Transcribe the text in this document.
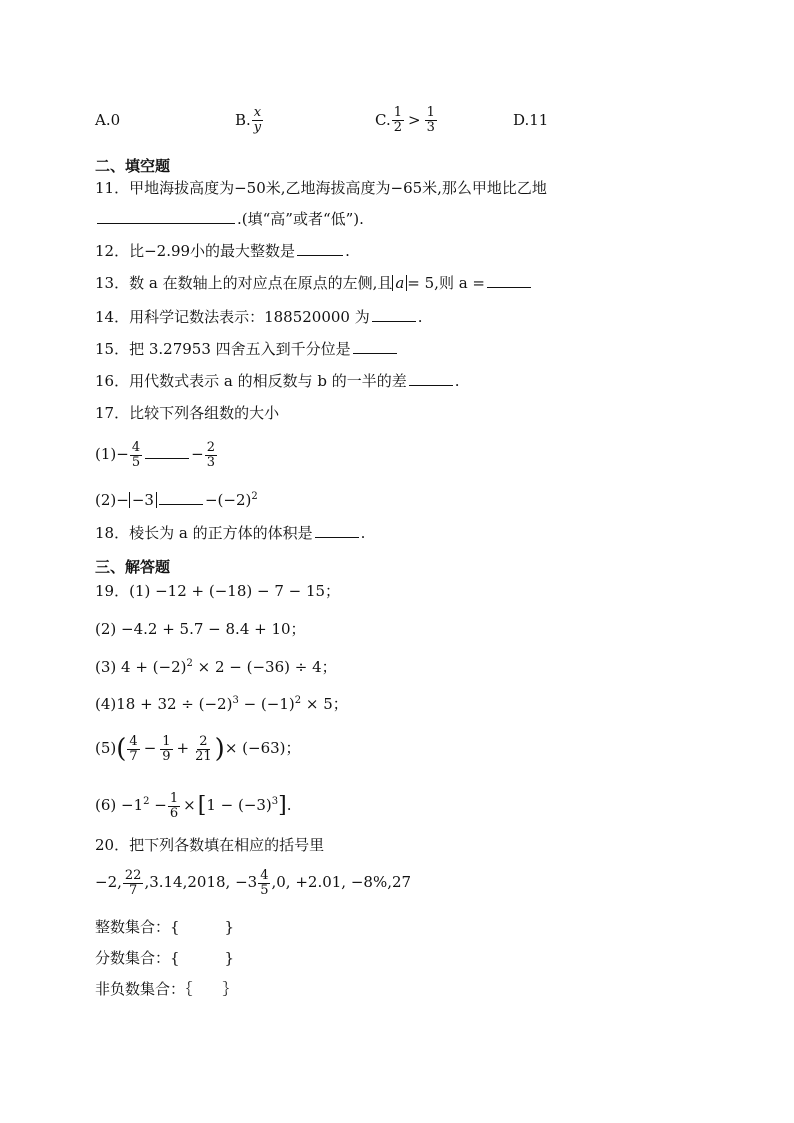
A.0	B. $\frac{x}{y}$	C. $\frac{1}{2} > \frac{1}{3}$	D.11
二、填空题
11．甲地海拔高度为−50米,乙地海拔高度为−65米,那么甲地比乙地
.(填“高”或者“低”).
12．比−2.99小的最大整数是	.
13．数 a 在数轴上的对应点在原点的左侧,且 a = 5,则 a =
14．用科学记数法表示：188520000 为	.
15．把 3.27953 四舍五入到千分位是
16．用代数式表示 a 的相反数与 b 的一半的差	.
17．比较下列各组数的大小
$(1)- \frac{4}{5}$	− $\frac{2}{3}$
(2)− −3	$-(-2)^2$
18．棱长为 a 的正方体的体积是	.
三、解答题
19．(1) −12 + (−18) − 7 − 15；
(2) −4.2 + 5.7 − 8.4 + 10；
(3) $4 + (-2)^2 \times 2 - (-36) \div 4$；
$(4)18 + 32 \div (-2)^3 - (-1)^2 \times 5$；
$(5)( \frac{4}{7} - \frac{1}{9} + \frac{2}{21}$ )× (−63)；
$(6) -1^2 - \frac{1}{6} \times[1 - (-3)^3]$.
20．把下列各数填在相应的括号里
−2, $\frac{22}{7} ,3.14,2018$, $-3 \frac{4}{5} ,0$, +2.01, −8%,27
整数集合：{　　　}
分数集合：{　　　}
非负数集合：｛　　｝
